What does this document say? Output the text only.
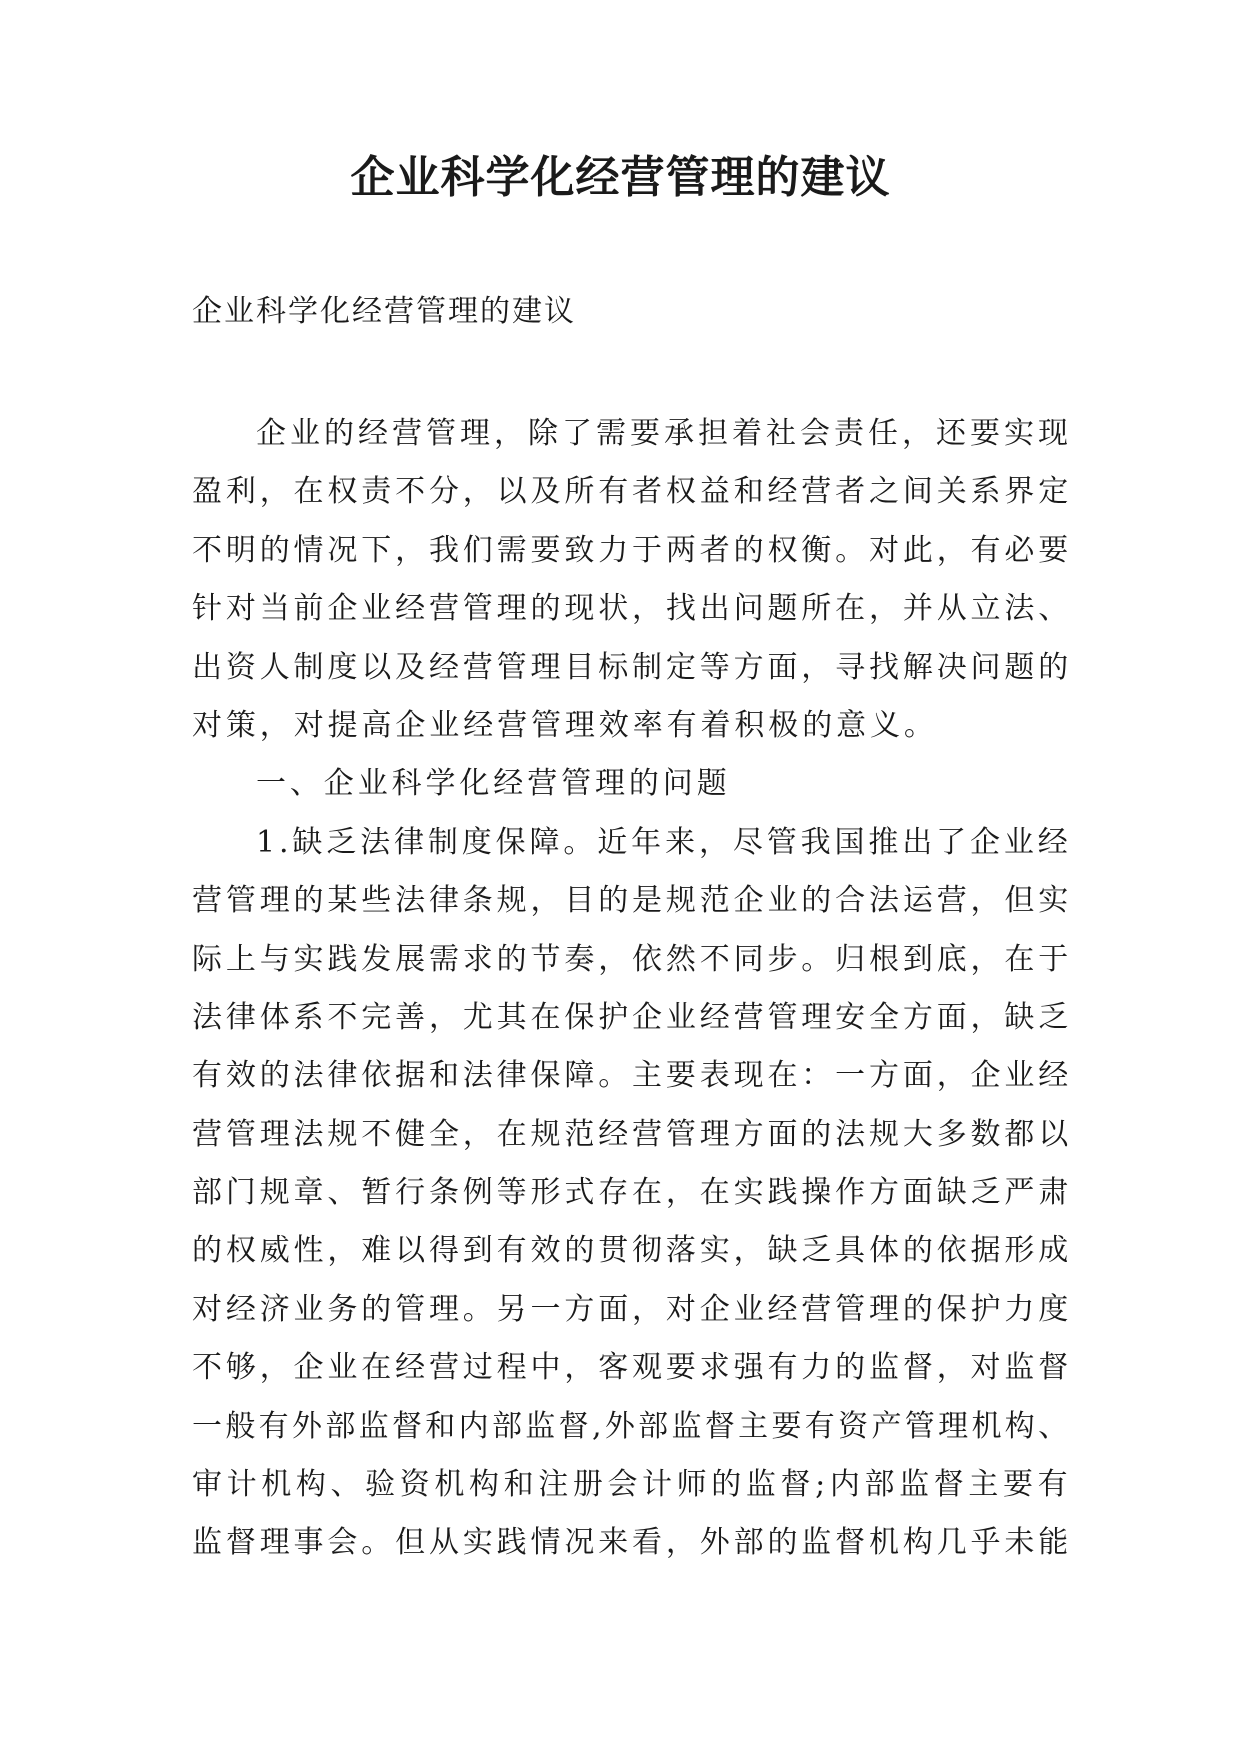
企业科学化经营管理的建议

企业科学化经营管理的建议

企业的经营管理，除了需要承担着社会责任，还要实现
盈利，在权责不分，以及所有者权益和经营者之间关系界定
不明的情况下，我们需要致力于两者的权衡。对此，有必要
针对当前企业经营管理的现状，找出问题所在，并从立法、
出资人制度以及经营管理目标制定等方面，寻找解决问题的
对策，对提高企业经营管理效率有着积极的意义。
一、企业科学化经营管理的问题
1.缺乏法律制度保障。近年来，尽管我国推出了企业经
营管理的某些法律条规，目的是规范企业的合法运营，但实
际上与实践发展需求的节奏，依然不同步。归根到底，在于
法律体系不完善，尤其在保护企业经营管理安全方面，缺乏
有效的法律依据和法律保障。主要表现在：一方面，企业经
营管理法规不健全，在规范经营管理方面的法规大多数都以
部门规章、暂行条例等形式存在，在实践操作方面缺乏严肃
的权威性，难以得到有效的贯彻落实，缺乏具体的依据形成
对经济业务的管理。另一方面，对企业经营管理的保护力度
不够，企业在经营过程中，客观要求强有力的监督，对监督
一般有外部监督和内部监督,外部监督主要有资产管理机构、
审计机构、验资机构和注册会计师的监督;内部监督主要有
监督理事会。但从实践情况来看，外部的监督机构几乎未能
